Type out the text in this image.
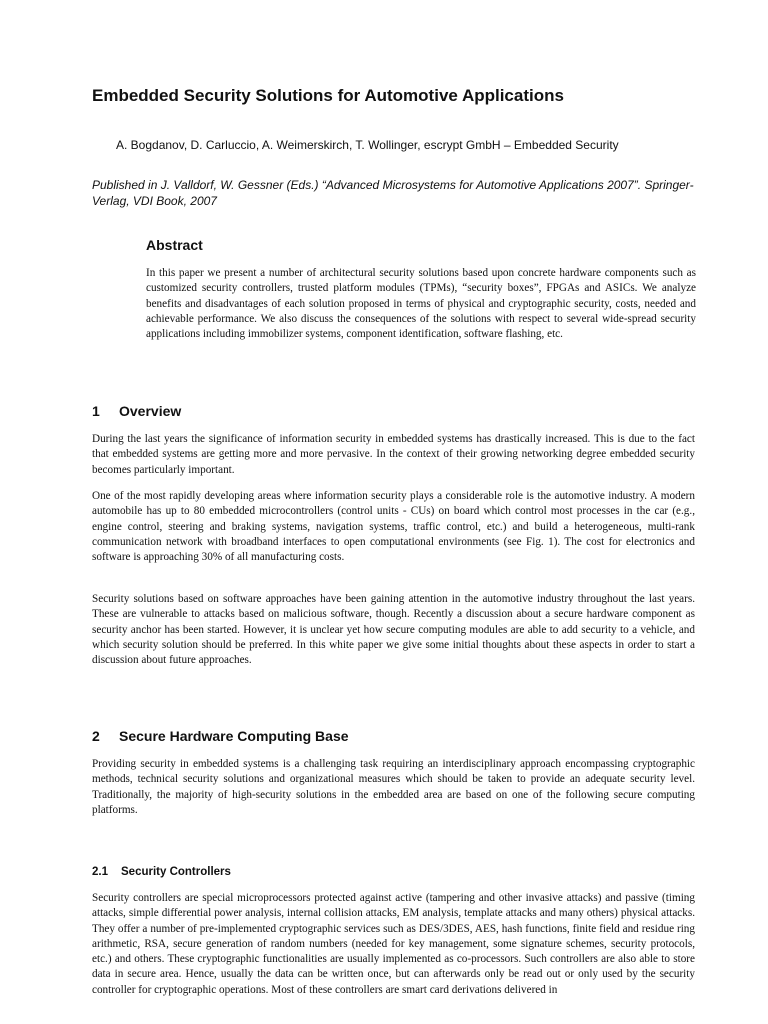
Embedded Security Solutions for Automotive Applications

A. Bogdanov, D. Carluccio, A. Weimerskirch, T. Wollinger, escrypt GmbH – Embedded Security

Published in J. Valldorf, W. Gessner (Eds.) “Advanced Microsystems for Automotive Applications 2007”. Springer-Verlag, VDI Book, 2007

Abstract

In this paper we present a number of architectural security solutions based upon concrete hardware components such as customized security controllers, trusted platform modules (TPMs), “security boxes”, FPGAs and ASICs. We analyze benefits and disadvantages of each solution proposed in terms of physical and cryptographic security, costs, needed and achievable performance. We also discuss the consequences of the solutions with respect to several wide-spread security applications including immobilizer systems, component identification, software flashing, etc.

1 Overview

During the last years the significance of information security in embedded systems has drastically increased. This is due to the fact that embedded systems are getting more and more pervasive. In the context of their growing networking degree embedded security becomes particularly important.

One of the most rapidly developing areas where information security plays a considerable role is the automotive industry. A modern automobile has up to 80 embedded microcontrollers (control units - CUs) on board which control most processes in the car (e.g., engine control, steering and braking systems, navigation systems, traffic control, etc.) and build a heterogeneous, multi-rank communication network with broadband interfaces to open computational environments (see Fig. 1). The cost for electronics and software is approaching 30% of all manufacturing costs.

Security solutions based on software approaches have been gaining attention in the automotive industry throughout the last years. These are vulnerable to attacks based on malicious software, though. Recently a discussion about a secure hardware component as security anchor has been started. However, it is unclear yet how secure computing modules are able to add security to a vehicle, and which security solution should be preferred. In this white paper we give some initial thoughts about these aspects in order to start a discussion about future approaches.

2 Secure Hardware Computing Base

Providing security in embedded systems is a challenging task requiring an interdisciplinary approach encompassing cryptographic methods, technical security solutions and organizational measures which should be taken to provide an adequate security level. Traditionally, the majority of high-security solutions in the embedded area are based on one of the following secure computing platforms.

2.1 Security Controllers

Security controllers are special microprocessors protected against active (tampering and other invasive attacks) and passive (timing attacks, simple differential power analysis, internal collision attacks, EM analysis, template attacks and many others) physical attacks. They offer a number of pre-implemented cryptographic services such as DES/3DES, AES, hash functions, finite field and residue ring arithmetic, RSA, secure generation of random numbers (needed for key management, some signature schemes, security protocols, etc.) and others. These cryptographic functionalities are usually implemented as co-processors. Such controllers are also able to store data in secure area. Hence, usually the data can be written once, but can afterwards only be read out or only used by the security controller for cryptographic operations. Most of these controllers are smart card derivations delivered in
